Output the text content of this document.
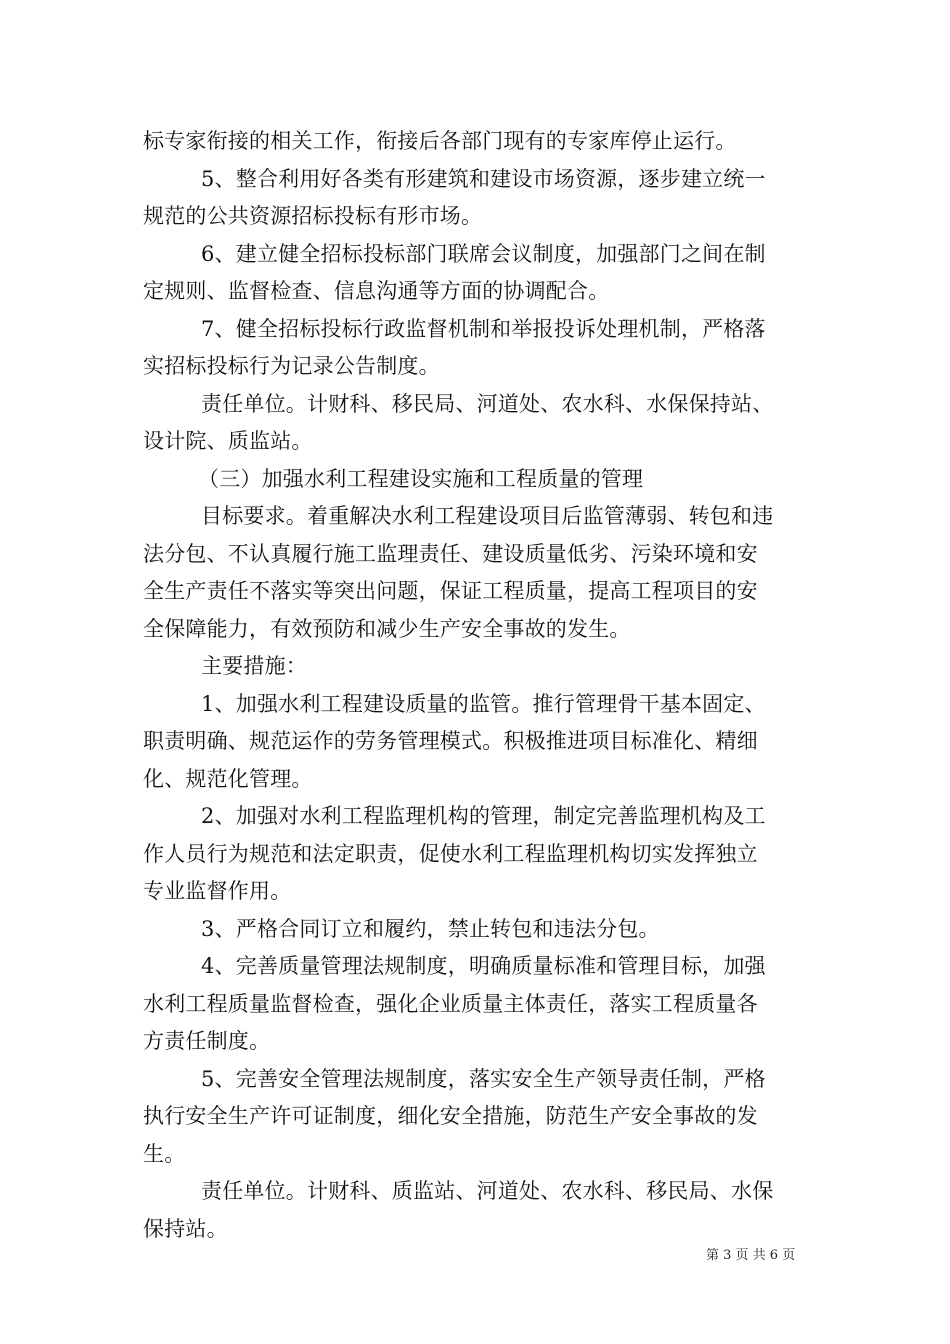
标专家衔接的相关工作，衔接后各部门现有的专家库停止运行。
5、整合利用好各类有形建筑和建设市场资源，逐步建立统一
规范的公共资源招标投标有形市场。
6、建立健全招标投标部门联席会议制度，加强部门之间在制
定规则、监督检查、信息沟通等方面的协调配合。
7、健全招标投标行政监督机制和举报投诉处理机制，严格落
实招标投标行为记录公告制度。
责任单位。计财科、移民局、河道处、农水科、水保保持站、
设计院、质监站。
（三）加强水利工程建设实施和工程质量的管理
目标要求。着重解决水利工程建设项目后监管薄弱、转包和违
法分包、不认真履行施工监理责任、建设质量低劣、污染环境和安
全生产责任不落实等突出问题，保证工程质量，提高工程项目的安
全保障能力，有效预防和减少生产安全事故的发生。
主要措施：
1、加强水利工程建设质量的监管。推行管理骨干基本固定、
职责明确、规范运作的劳务管理模式。积极推进项目标准化、精细
化、规范化管理。
2、加强对水利工程监理机构的管理，制定完善监理机构及工
作人员行为规范和法定职责，促使水利工程监理机构切实发挥独立
专业监督作用。
3、严格合同订立和履约，禁止转包和违法分包。
4、完善质量管理法规制度，明确质量标准和管理目标，加强
水利工程质量监督检查，强化企业质量主体责任，落实工程质量各
方责任制度。
5、完善安全管理法规制度，落实安全生产领导责任制，严格
执行安全生产许可证制度，细化安全措施，防范生产安全事故的发
生。
责任单位。计财科、质监站、河道处、农水科、移民局、水保
保持站。
第 3 页 共 6 页
